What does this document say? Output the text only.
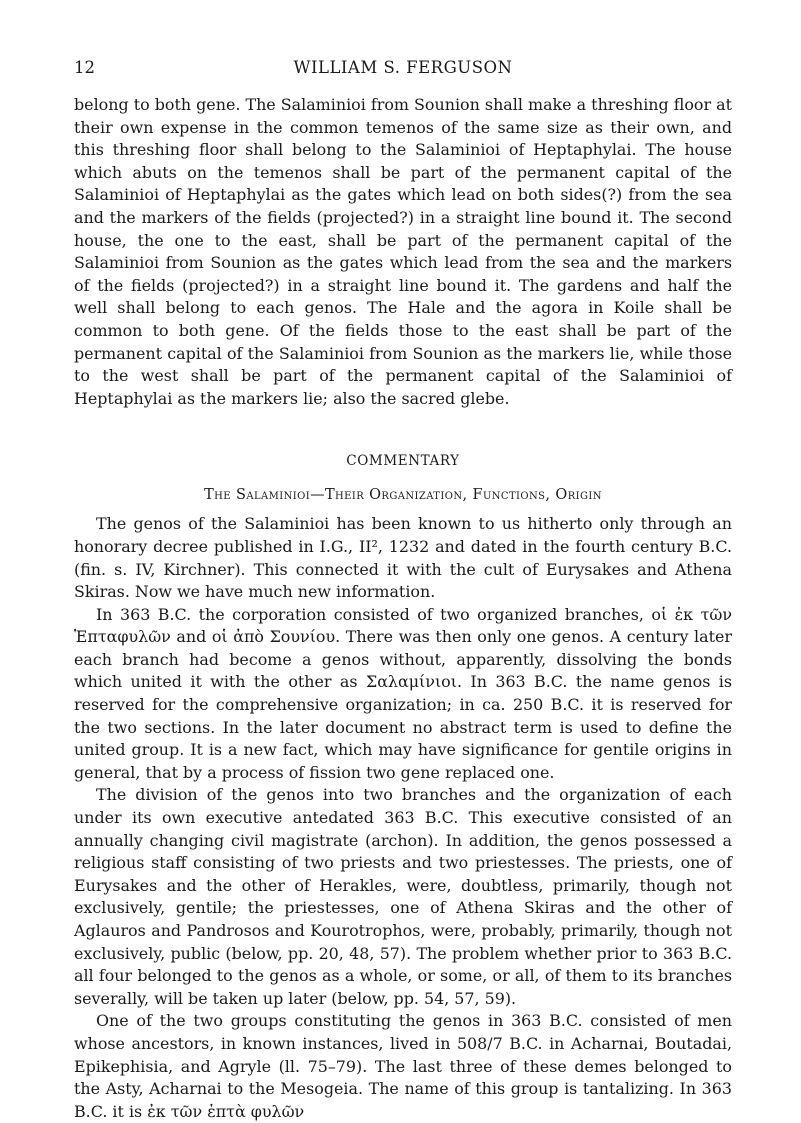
12	WILLIAM S. FERGUSON

belong to both gene. The Salaminioi from Sounion shall make a threshing floor at their own expense in the common temenos of the same size as their own, and this threshing floor shall belong to the Salaminioi of Heptaphylai. The house which abuts on the temenos shall be part of the permanent capital of the Salaminioi of Heptaphylai as the gates which lead on both sides(?) from the sea and the markers of the fields (projected?) in a straight line bound it. The second house, the one to the east, shall be part of the permanent capital of the Salaminioi from Sounion as the gates which lead from the sea and the markers of the fields (projected?) in a straight line bound it. The gardens and half the well shall belong to each genos. The Hale and the agora in Koile shall be common to both gene. Of the fields those to the east shall be part of the permanent capital of the Salaminioi from Sounion as the markers lie, while those to the west shall be part of the permanent capital of the Salaminioi of Heptaphylai as the markers lie; also the sacred glebe.

COMMENTARY
The Salaminioi—Their Organization, Functions, Origin

The genos of the Salaminioi has been known to us hitherto only through an honorary decree published in I.G., II², 1232 and dated in the fourth century B.C. (fin. s. IV, Kirchner). This connected it with the cult of Eurysakes and Athena Skiras. Now we have much new information.

In 363 B.C. the corporation consisted of two organized branches, οἱ ἐκ τῶν Ἑπταφυλῶν and οἱ ἀπὸ Σουνίου. There was then only one genos. A century later each branch had become a genos without, apparently, dissolving the bonds which united it with the other as Σαλαμίνιοι. In 363 B.C. the name genos is reserved for the comprehensive organization; in ca. 250 B.C. it is reserved for the two sections. In the later document no abstract term is used to define the united group. It is a new fact, which may have significance for gentile origins in general, that by a process of fission two gene replaced one.

The division of the genos into two branches and the organization of each under its own executive antedated 363 B.C. This executive consisted of an annually changing civil magistrate (archon). In addition, the genos possessed a religious staff consisting of two priests and two priestesses. The priests, one of Eurysakes and the other of Herakles, were, doubtless, primarily, though not exclusively, gentile; the priestesses, one of Athena Skiras and the other of Aglauros and Pandrosos and Kourotrophos, were, probably, primarily, though not exclusively, public (below, pp. 20, 48, 57). The problem whether prior to 363 B.C. all four belonged to the genos as a whole, or some, or all, of them to its branches severally, will be taken up later (below, pp. 54, 57, 59).

One of the two groups constituting the genos in 363 B.C. consisted of men whose ancestors, in known instances, lived in 508/7 B.C. in Acharnai, Boutadai, Epikephisia, and Agryle (ll. 75–79). The last three of these demes belonged to the Asty, Acharnai to the Mesogeia. The name of this group is tantalizing. In 363 B.C. it is ἐκ τῶν ἑπτὰ φυλῶν
